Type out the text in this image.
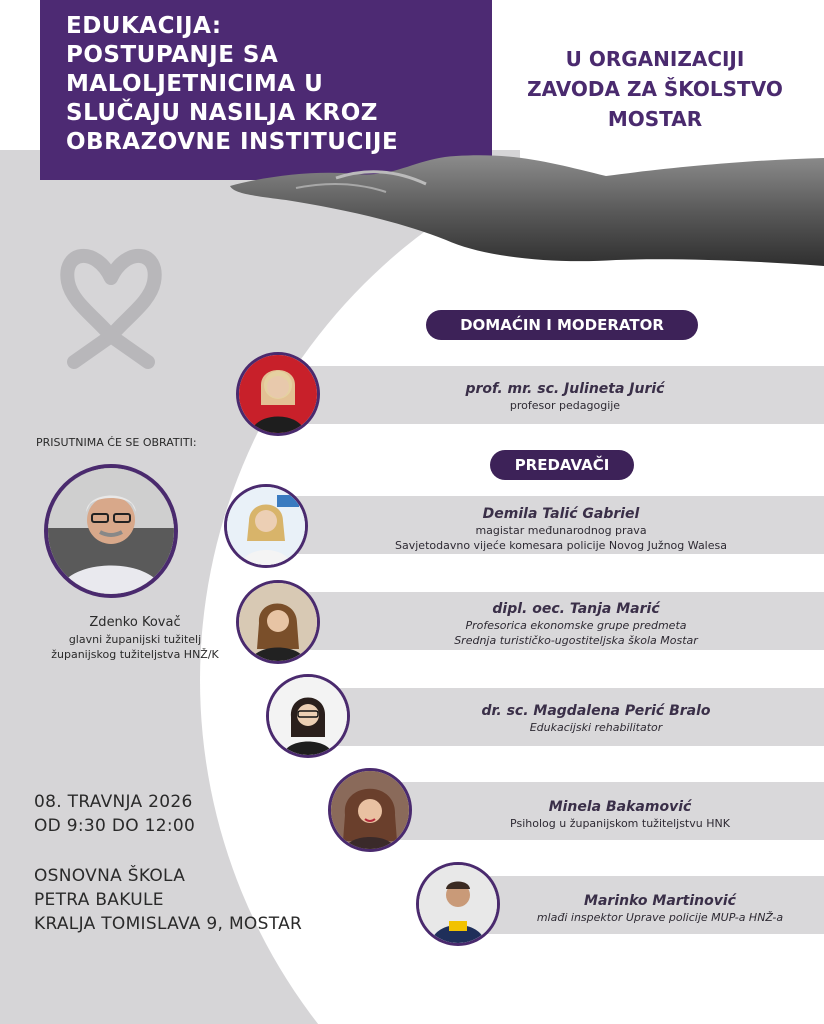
EDUKACIJA:
POSTUPANJE SA
MALOLJETNICIMA U
SLUČAJU NASILJA KROZ
OBRAZOVNE INSTITUCIJE
U ORGANIZACIJI
ZAVODA ZA ŠKOLSTVO
MOSTAR
DOMAĆIN I MODERATOR
prof. mr. sc. Julineta Jurić
profesor pedagogije
PREDAVAČI
Demila Talić Gabriel
magistar međunarodnog prava
Savjetodavno vijeće komesara policije Novog Južnog Walesa
dipl. oec. Tanja Marić
Profesorica ekonomske grupe predmeta
Srednja turističko-ugostiteljska škola Mostar
dr. sc. Magdalena Perić Bralo
Edukacijski rehabilitator
Minela Bakamović
Psiholog u županijskom tužiteljstvu HNK
Marinko Martinović
mlađi inspektor Uprave policije MUP-a HNŽ-a
PRISUTNIMA ĆE SE OBRATITI:
Zdenko Kovač
glavni županijski tužitelj
županijskog tužiteljstva HNŽ/K
08. TRAVNJA 2026
OD 9:30 DO 12:00
OSNOVNA ŠKOLA
PETRA BAKULE
KRALJA TOMISLAVA 9, MOSTAR
